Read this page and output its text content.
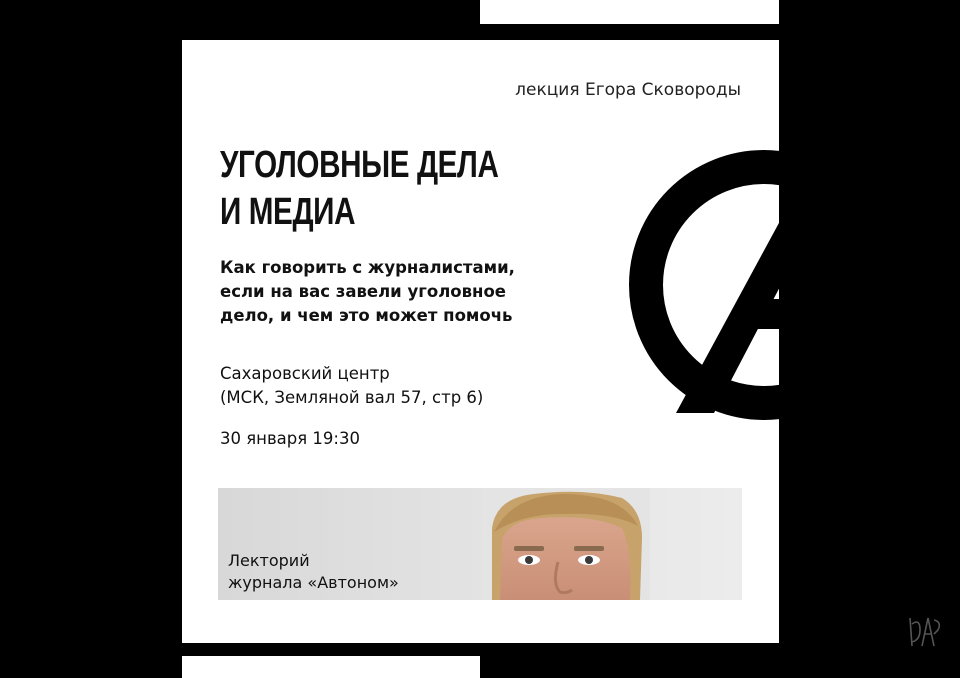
лекция Егора Сковороды
УГОЛОВНЫЕ ДЕЛА
И МЕДИА
Как говорить с журналистами,
если на вас завели уголовное
дело, и чем это может помочь
Сахаровский центр
(МСК, Земляной вал 57, стр 6)
30 января 19:30
Лекторий
журнала «Автоном»
